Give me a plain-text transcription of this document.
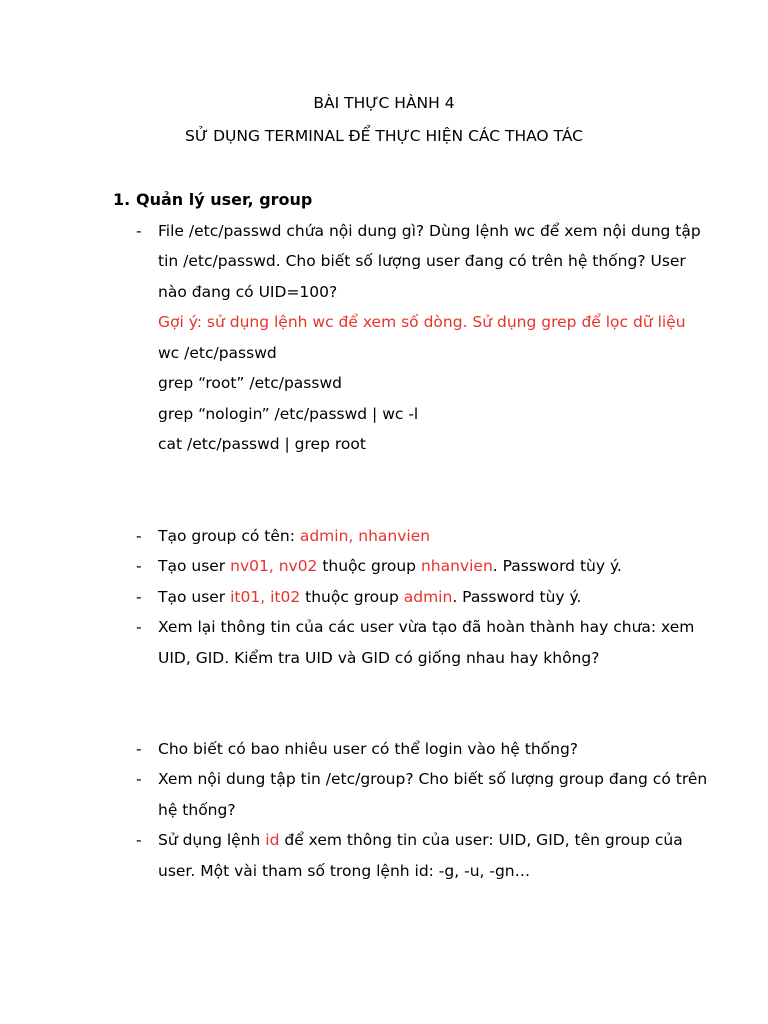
BÀI THỰC HÀNH 4
SỬ DỤNG TERMINAL ĐỂ THỰC HIỆN CÁC THAO TÁC
1. Quản lý user, group
- File /etc/passwd chứa nội dung gì? Dùng lệnh wc để xem nội dung tập
tin /etc/passwd. Cho biết số lượng user đang có trên hệ thống? User
nào đang có UID=100?
Gợi ý: sử dụng lệnh wc để xem số dòng. Sử dụng grep để lọc dữ liệu
wc /etc/passwd
grep “root” /etc/passwd
grep “nologin” /etc/passwd | wc -l
cat /etc/passwd | grep root
- Tạo group có tên: admin, nhanvien
- Tạo user nv01, nv02 thuộc group nhanvien. Password tùy ý.
- Tạo user it01, it02 thuộc group admin. Password tùy ý.
- Xem lại thông tin của các user vừa tạo đã hoàn thành hay chưa: xem
UID, GID. Kiểm tra UID và GID có giống nhau hay không?
- Cho biết có bao nhiêu user có thể login vào hệ thống?
- Xem nội dung tập tin /etc/group? Cho biết số lượng group đang có trên
hệ thống?
- Sử dụng lệnh id để xem thông tin của user: UID, GID, tên group của
user. Một vài tham số trong lệnh id: -g, -u, -gn…
